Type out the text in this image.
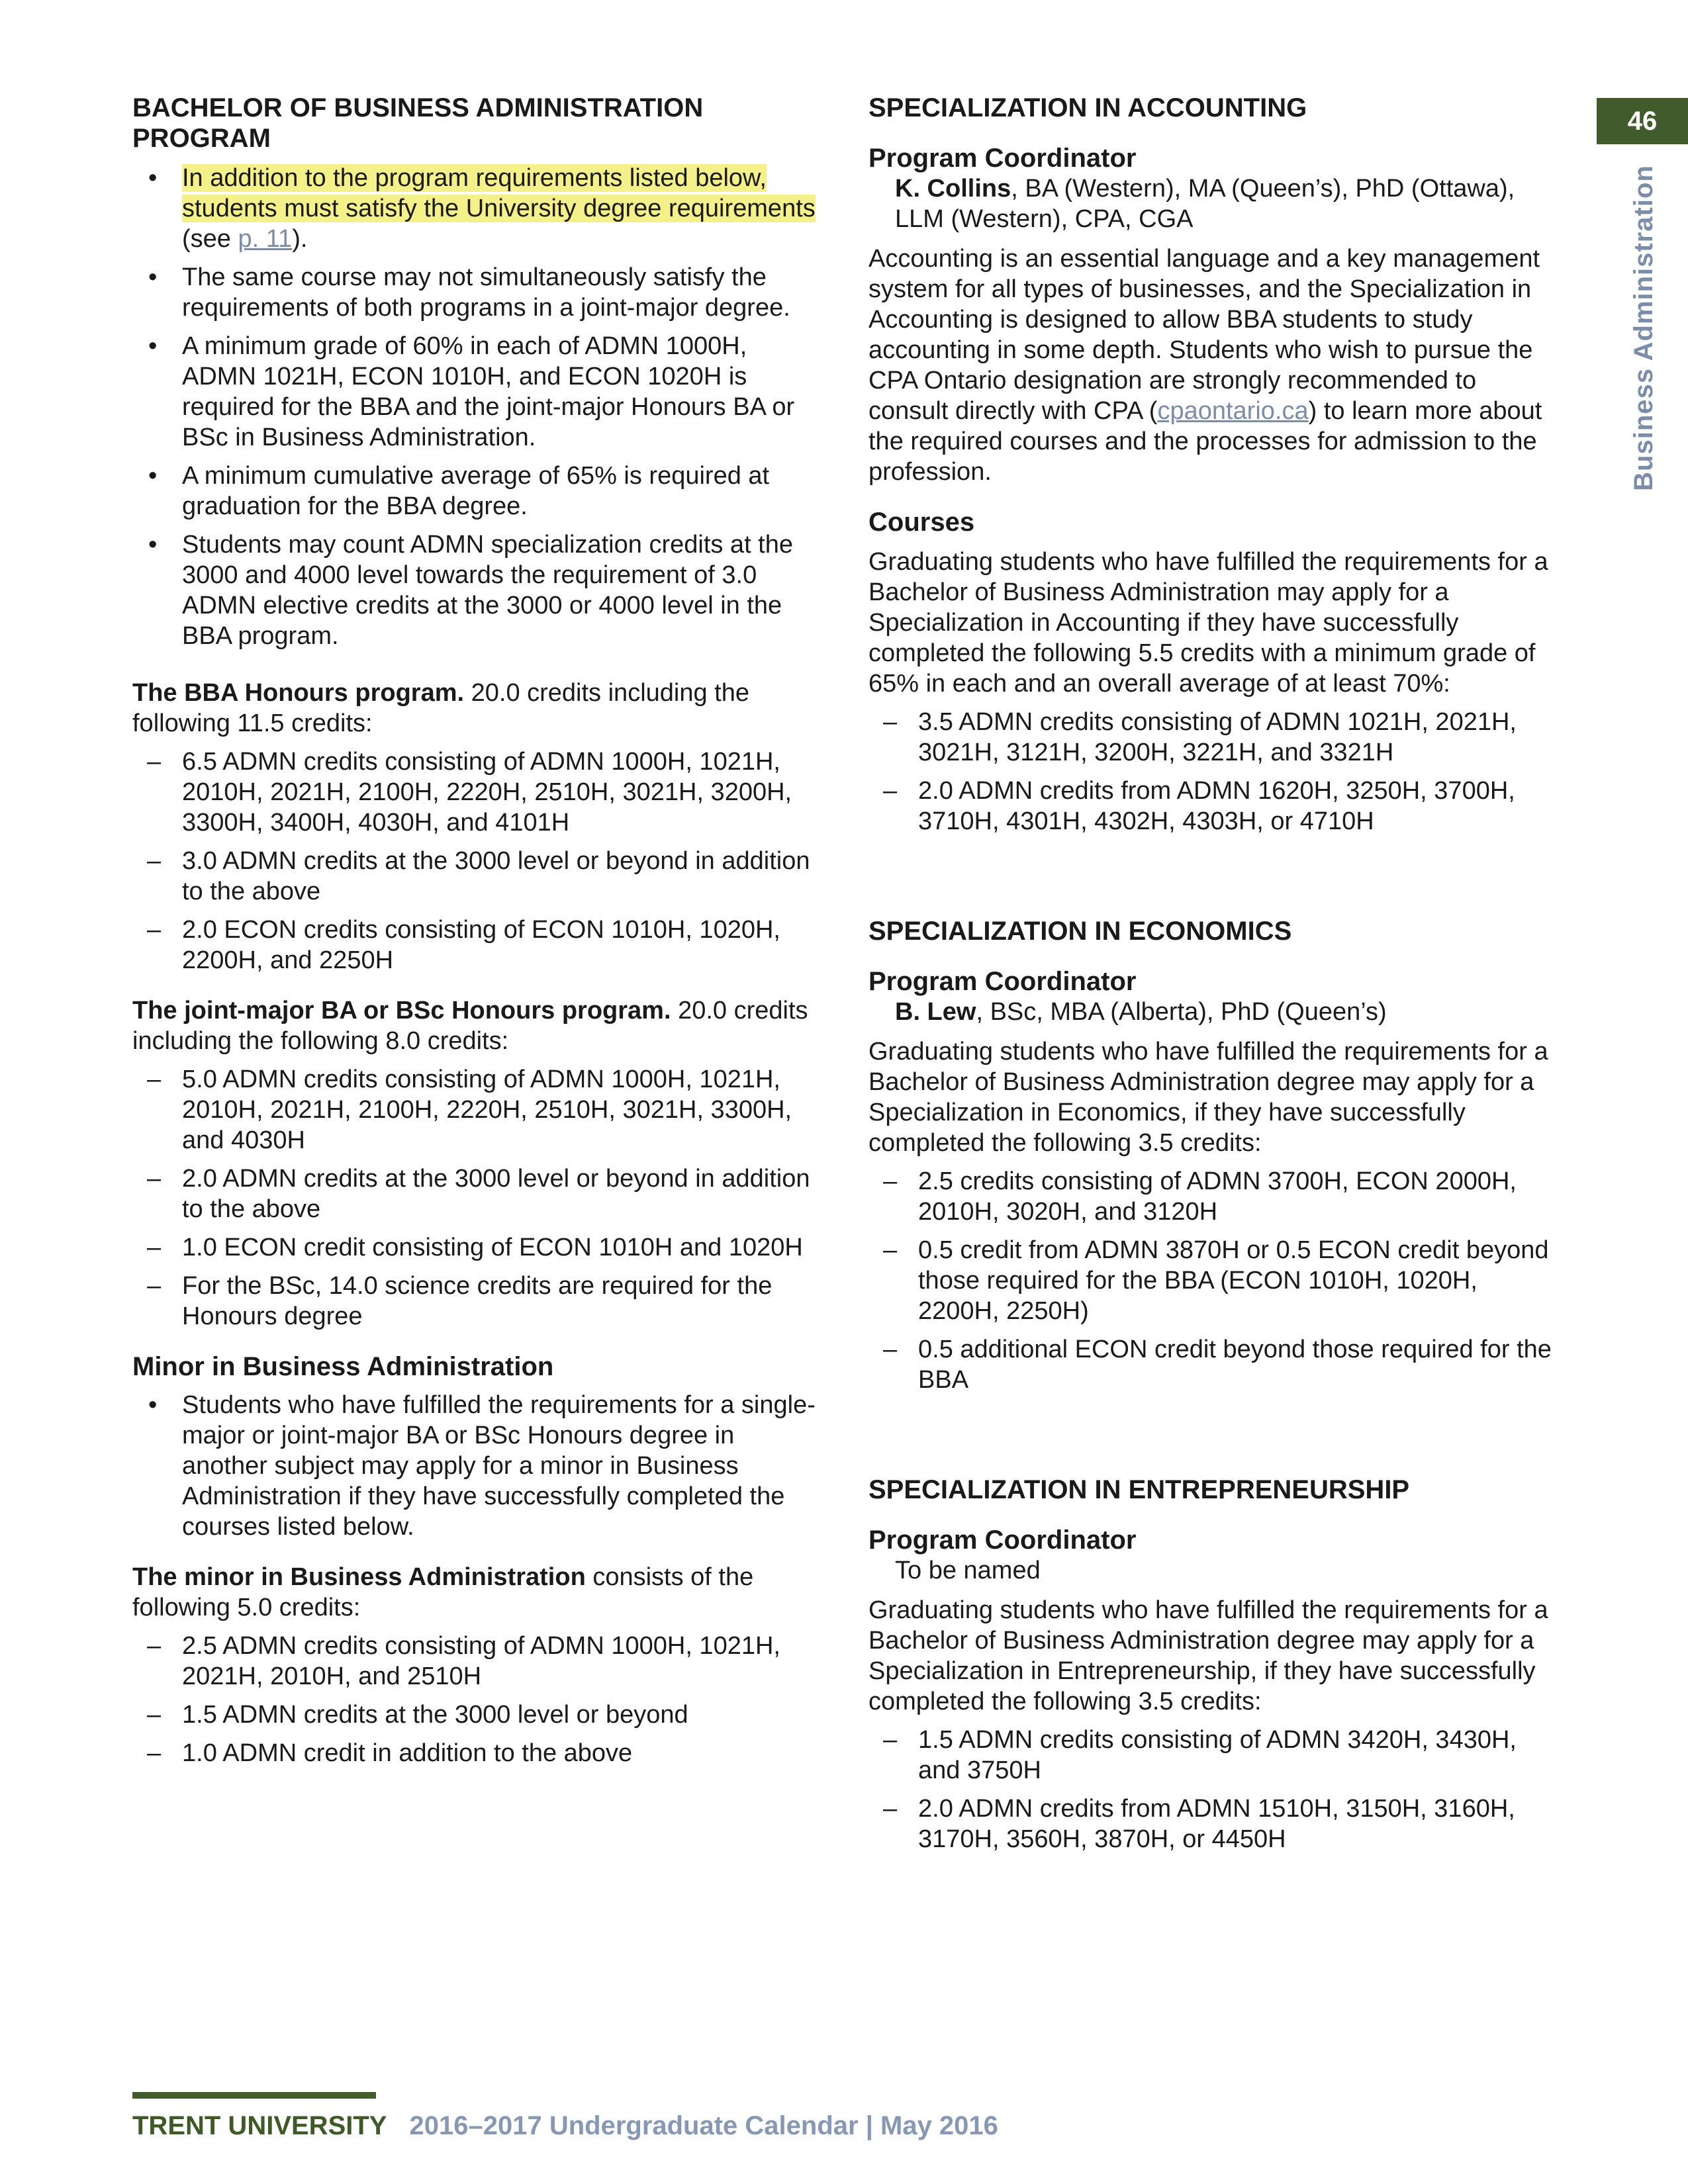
BACHELOR OF BUSINESS ADMINISTRATION PROGRAM
• In addition to the program requirements listed below, students must satisfy the University degree requirements (see p. 11).
• The same course may not simultaneously satisfy the requirements of both programs in a joint-major degree.
• A minimum grade of 60% in each of ADMN 1000H, ADMN 1021H, ECON 1010H, and ECON 1020H is required for the BBA and the joint-major Honours BA or BSc in Business Administration.
• A minimum cumulative average of 65% is required at graduation for the BBA degree.
• Students may count ADMN specialization credits at the 3000 and 4000 level towards the requirement of 3.0 ADMN elective credits at the 3000 or 4000 level in the BBA program.

The BBA Honours program. 20.0 credits including the following 11.5 credits:

– 6.5 ADMN credits consisting of ADMN 1000H, 1021H, 2010H, 2021H, 2100H, 2220H, 2510H, 3021H, 3200H, 3300H, 3400H, 4030H, and 4101H
– 3.0 ADMN credits at the 3000 level or beyond in addition to the above
– 2.0 ECON credits consisting of ECON 1010H, 1020H, 2200H, and 2250H

The joint-major BA or BSc Honours program. 20.0 credits including the following 8.0 credits:

– 5.0 ADMN credits consisting of ADMN 1000H, 1021H, 2010H, 2021H, 2100H, 2220H, 2510H, 3021H, 3300H, and 4030H
– 2.0 ADMN credits at the 3000 level or beyond in addition to the above
– 1.0 ECON credit consisting of ECON 1010H and 1020H
– For the BSc, 14.0 science credits are required for the Honours degree
Minor in Business Administration
• Students who have fulfilled the requirements for a single-major or joint-major BA or BSc Honours degree in another subject may apply for a minor in Business Administration if they have successfully completed the courses listed below.

The minor in Business Administration consists of the following 5.0 credits:

– 2.5 ADMN credits consisting of ADMN 1000H, 1021H, 2021H, 2010H, and 2510H
– 1.5 ADMN credits at the 3000 level or beyond
– 1.0 ADMN credit in addition to the above
SPECIALIZATION IN ACCOUNTING
Program Coordinator

K. Collins, BA (Western), MA (Queen’s), PhD (Ottawa), LLM (Western), CPA, CGA

Accounting is an essential language and a key management system for all types of businesses, and the Specialization in Accounting is designed to allow BBA students to study accounting in some depth. Students who wish to pursue the CPA Ontario designation are strongly recommended to consult directly with CPA (cpaontario.ca) to learn more about the required courses and the processes for admission to the profession.

Courses

Graduating students who have fulfilled the requirements for a Bachelor of Business Administration may apply for a Specialization in Accounting if they have successfully completed the following 5.5 credits with a minimum grade of 65% in each and an overall average of at least 70%:

– 3.5 ADMN credits consisting of ADMN 1021H, 2021H, 3021H, 3121H, 3200H, 3221H, and 3321H
– 2.0 ADMN credits from ADMN 1620H, 3250H, 3700H, 3710H, 4301H, 4302H, 4303H, or 4710H
SPECIALIZATION IN ECONOMICS
Program Coordinator

B. Lew, BSc, MBA (Alberta), PhD (Queen’s)

Graduating students who have fulfilled the requirements for a Bachelor of Business Administration degree may apply for a Specialization in Economics, if they have successfully completed the following 3.5 credits:

– 2.5 credits consisting of ADMN 3700H, ECON 2000H, 2010H, 3020H, and 3120H
– 0.5 credit from ADMN 3870H or 0.5 ECON credit beyond those required for the BBA (ECON 1010H, 1020H, 2200H, 2250H)
– 0.5 additional ECON credit beyond those required for the BBA
SPECIALIZATION IN ENTREPRENEURSHIP
Program Coordinator

To be named

Graduating students who have fulfilled the requirements for a Bachelor of Business Administration degree may apply for a Specialization in Entrepreneurship, if they have successfully completed the following 3.5 credits:

– 1.5 ADMN credits consisting of ADMN 3420H, 3430H, and 3750H
– 2.0 ADMN credits from ADMN 1510H, 3150H, 3160H, 3170H, 3560H, 3870H, or 4450H
46
Business Administration
TRENT UNIVERSITY 2016–2017 Undergraduate Calendar | May 2016
